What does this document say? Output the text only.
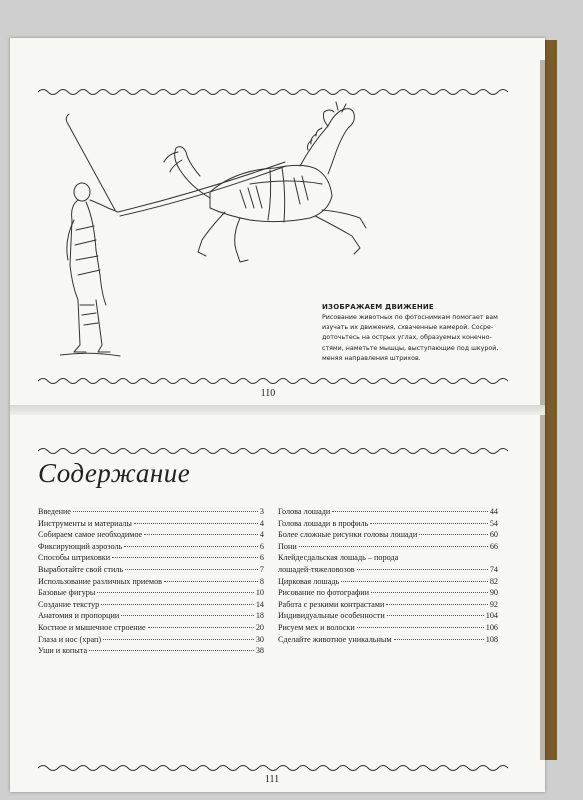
ИЗОБРАЖАЕМ ДВИЖЕНИЕ
Рисование животных по фотоснимкам помогает вам
изучать их движения, схваченные камерой. Сосре-
доточьтесь на острых углах, образуемых конечно-
стями, наметьте мышцы, выступающие под шкурой,
меняя направления штрихов.
110
Содержание
Введение	3
Инструменты и материалы	4
Собираем самое необходимое	4
Фиксирующий аэрозоль	6
Способы штриховки	6
Выработайте свой стиль	7
Использование различных приемов	8
Базовые фигуры	10
Создание текстур	14
Анатомия и пропорции	18
Костное и мышечное строение	20
Глаза и нос (храп)	30
Уши и копыта	38
Голова лошади	44
Голова лошади в профиль	54
Более сложные рисунки головы лошади	60
Пони	66
Клейдесдальская лошадь – порода
лошадей-тяжеловозов	74
Цирковая лошадь	82
Рисование по фотографии	90
Работа с резкими контрастами	92
Индивидуальные особенности	104
Рисуем мех и волоски	106
Сделайте животное уникальным	108
111
